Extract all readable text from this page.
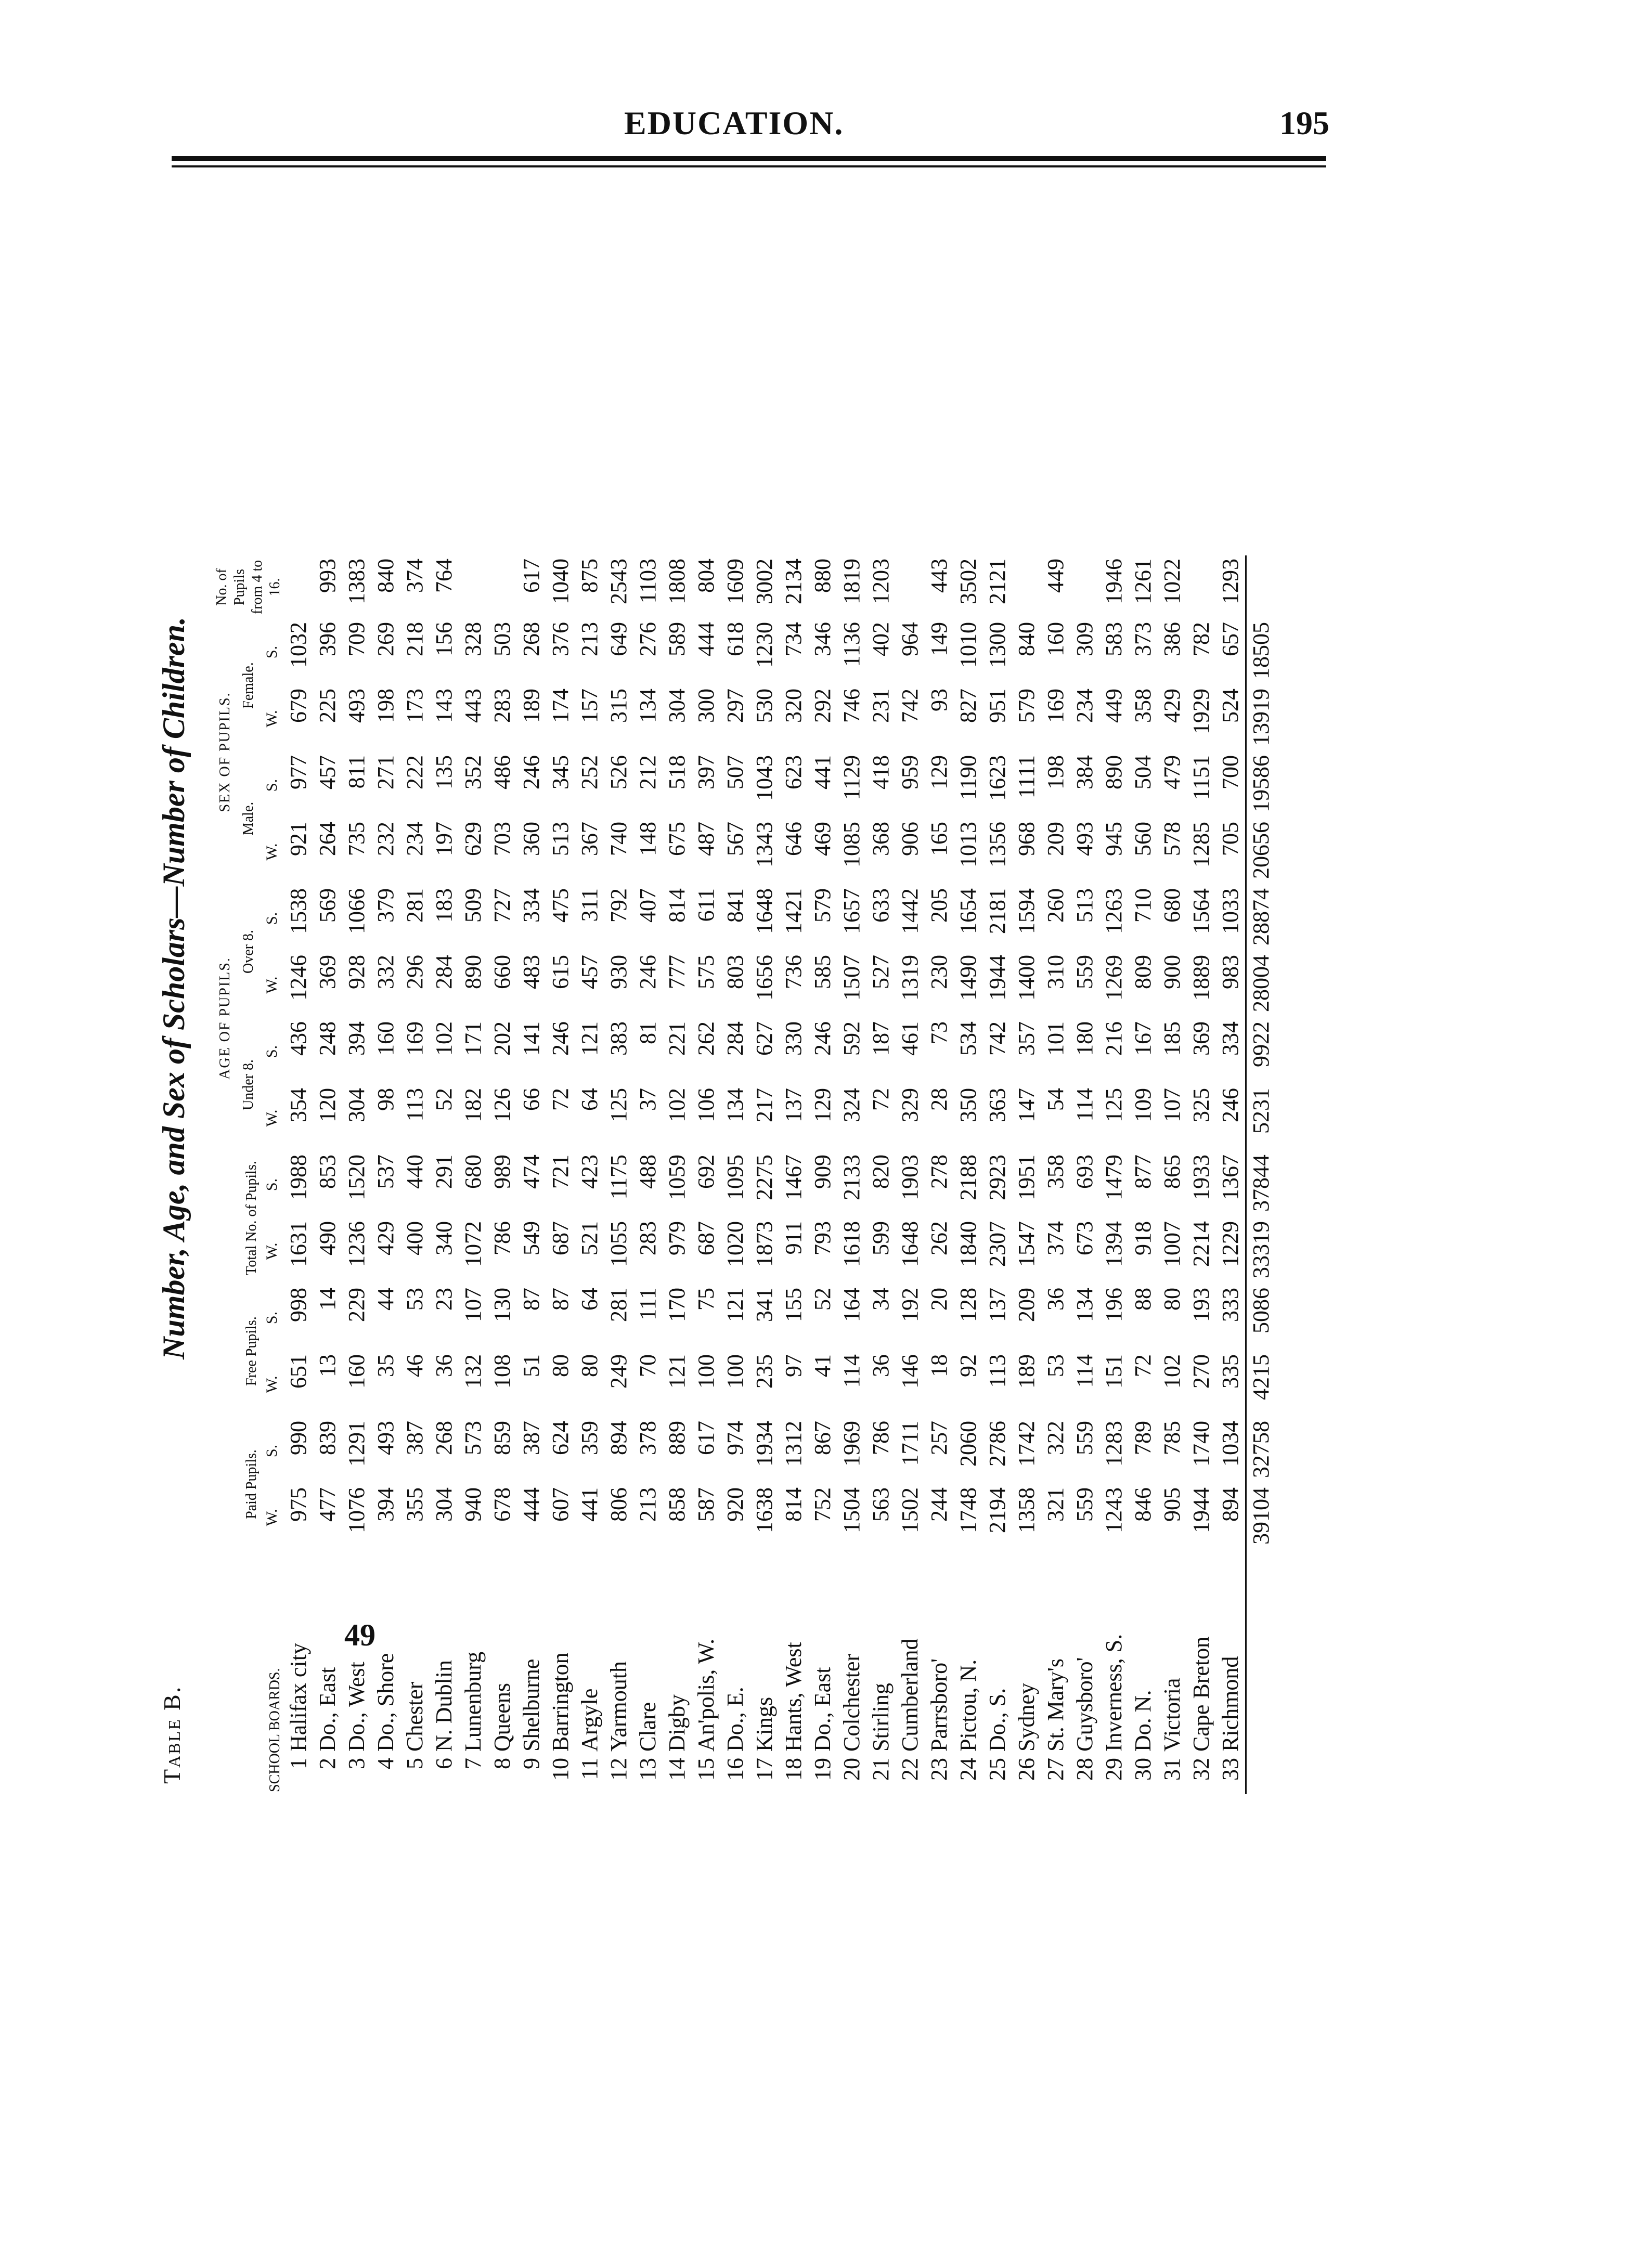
EDUCATION.	195
49
Table B.
Number, Age, and Sex of Scholars—Number of Children.
SCHOOL BOARDS.		Paid Pupils.		Free Pupils.		Total No. of Pupils.		AGE OF PUPILS.				SEX OF PUPILS.				No. of Pupils from 4 to 16.
								Under 8.		Over 8.		Male.		Female.		
		W.	S.	W.	S.	W.	S.	W.	S.	W.	S.	W.	S.	W.	S.	
1	Halifax city	975	990	651	998	1631	1988	354	436	1246	1538	921	977	679	1032	
2	Do., East	477	839	13	14	490	853	120	248	369	569	264	457	225	396	993
3	Do., West	1076	1291	160	229	1236	1520	304	394	928	1066	735	811	493	709	1383
4	Do., Shore	394	493	35	44	429	537	98	160	332	379	232	271	198	269	840
5	Chester	355	387	46	53	400	440	113	169	296	281	234	222	173	218	374
6	N. Dublin	304	268	36	23	340	291	52	102	284	183	197	135	143	156	764
7	Lunenburg	940	573	132	107	1072	680	182	171	890	509	629	352	443	328	
8	Queens	678	859	108	130	786	989	126	202	660	727	703	486	283	503	
9	Shelburne	444	387	51	87	549	474	66	141	483	334	360	246	189	268	617
10	Barrington	607	624	80	87	687	721	72	246	615	475	513	345	174	376	1040
11	Argyle	441	359	80	64	521	423	64	121	457	311	367	252	157	213	875
12	Yarmouth	806	894	249	281	1055	1175	125	383	930	792	740	526	315	649	2543
13	Clare	213	378	70	111	283	488	37	81	246	407	148	212	134	276	1103
14	Digby	858	889	121	170	979	1059	102	221	777	814	675	518	304	589	1808
15	An'polis, W.	587	617	100	75	687	692	106	262	575	611	487	397	300	444	804
16	Do., E.	920	974	100	121	1020	1095	134	284	803	841	567	507	297	618	1609
17	Kings	1638	1934	235	341	1873	2275	217	627	1656	1648	1343	1043	530	1230	3002
18	Hants, West	814	1312	97	155	911	1467	137	330	736	1421	646	623	320	734	2134
19	Do., East	752	867	41	52	793	909	129	246	585	579	469	441	292	346	880
20	Colchester	1504	1969	114	164	1618	2133	324	592	1507	1657	1085	1129	746	1136	1819
21	Stirling	563	786	36	34	599	820	72	187	527	633	368	418	231	402	1203
22	Cumberland	1502	1711	146	192	1648	1903	329	461	1319	1442	906	959	742	964	
23	Parrsboro'	244	257	18	20	262	278	28	73	230	205	165	129	93	149	443
24	Pictou, N.	1748	2060	92	128	1840	2188	350	534	1490	1654	1013	1190	827	1010	3502
25	Do., S.	2194	2786	113	137	2307	2923	363	742	1944	2181	1356	1623	951	1300	2121
26	Sydney	1358	1742	189	209	1547	1951	147	357	1400	1594	968	1111	579	840	
27	St. Mary's	321	322	53	36	374	358	54	101	310	260	209	198	169	160	449
28	Guysboro'	559	559	114	134	673	693	114	180	559	513	493	384	234	309	
29	Inverness, S.	1243	1283	151	196	1394	1479	125	216	1269	1263	945	890	449	583	1946
30	Do. N.	846	789	72	88	918	877	109	167	809	710	560	504	358	373	1261
31	Victoria	905	785	102	80	1007	865	107	185	900	680	578	479	429	386	1022
32	Cape Breton	1944	1740	270	193	2214	1933	325	369	1889	1564	1285	1151	1929	782	
33	Richmond	894	1034	335	333	1229	1367	246	334	983	1033	705	700	524	657	1293
		39104	32758	4215	5086	33319	37844	5231	9922	28004	28874	20656	19586	13919	18505	
